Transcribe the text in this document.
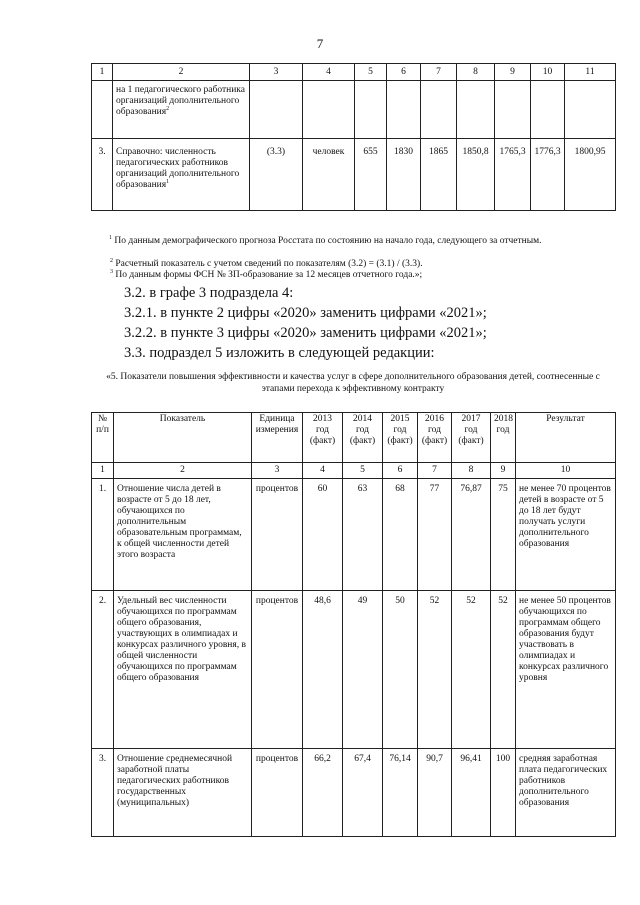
7
1	2	3	4	5	6	7	8	9	10	11
	на 1 педагогического работника организаций дополнительного образования$^2$									
3.	Справочно: численность педагогических работников организаций дополнительного образования$^1$	(3.3)	человек	655	1830	1865	1850,8	1765,3	1776,3	1800,95
$^1$ По данным демографического прогноза Росстата по состоянию на начало года, следующего за отчетным.
$^2$ Расчетный показатель с учетом сведений по показателям (3.2) = (3.1) / (3.3).
$^3$ По данным формы ФСН № ЗП-образование за 12 месяцев отчетного года.»;
3.2. в графе 3 подраздела 4:
3.2.1. в пункте 2 цифры «2020» заменить цифрами «2021»;
3.2.2. в пункте 3 цифры «2020» заменить цифрами «2021»;
3.3. подраздел 5 изложить в следующей редакции:
«5. Показатели повышения эффективности и качества услуг в сфере дополнительного образования детей, соотнесенные с этапами перехода к эффективному контракту
№ п/п	Показатель	Единица измерения	2013 год (факт)	2014 год (факт)	2015 год (факт)	2016 год (факт)	2017 год (факт)	2018 год	Результат
1	2	3	4	5	6	7	8	9	10
1.	Отношение числа детей в возрасте от 5 до 18 лет, обучающихся по дополнительным образовательным программам, к общей численности детей этого возраста	процентов	60	63	68	77	76,87	75	не менее 70 процентов детей в возрасте от 5 до 18 лет будут получать услуги дополнительного образования
2.	Удельный вес численности обучающихся по программам общего образования, участвующих в олимпиадах и конкурсах различного уровня, в общей численности обучающихся по программам общего образования	процентов	48,6	49	50	52	52	52	не менее 50 процентов обучающихся по программам общего образования будут участвовать в олимпиадах и конкурсах различного уровня
3.	Отношение среднемесячной заработной платы педагогических работников государственных (муниципальных)	процентов	66,2	67,4	76,14	90,7	96,41	100	средняя заработная плата педагогических работников дополнительного образования
